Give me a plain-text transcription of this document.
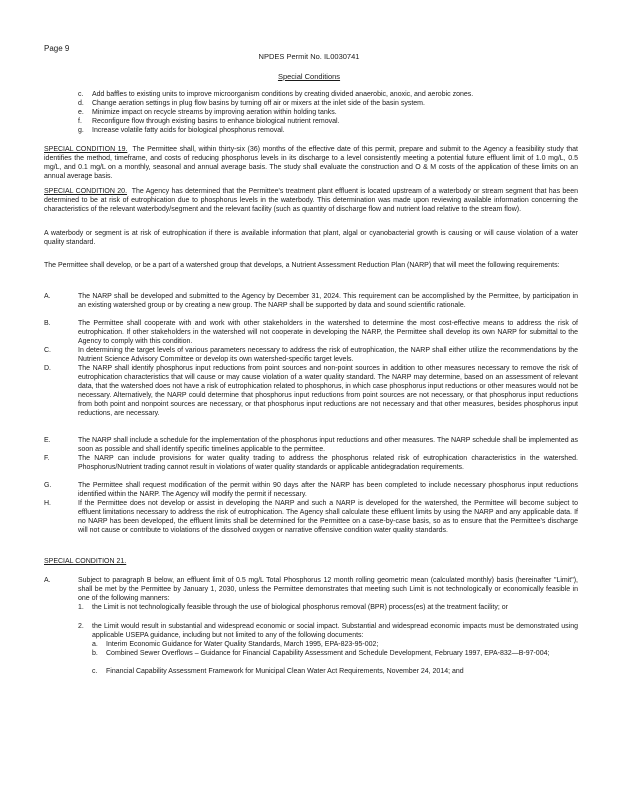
Page 9
NPDES Permit No. IL0030741
Special Conditions
c. Add baffles to existing units to improve microorganism conditions by creating divided anaerobic, anoxic, and aerobic zones.
d. Change aeration settings in plug flow basins by turning off air or mixers at the inlet side of the basin system.
e. Minimize impact on recycle streams by improving aeration within holding tanks.
f. Reconfigure flow through existing basins to enhance biological nutrient removal.
g. Increase volatile fatty acids for biological phosphorus removal.
SPECIAL CONDITION 19. The Permittee shall, within thirty-six (36) months of the effective date of this permit, prepare and submit to the Agency a feasibility study that identifies the method, timeframe, and costs of reducing phosphorus levels in its discharge to a level consistently meeting a potential future effluent limit of 1.0 mg/L, 0.5 mg/L, and 0.1 mg/L on a monthly, seasonal and annual average basis. The study shall evaluate the construction and O & M costs of the application of these limits on an annual average basis.
SPECIAL CONDITION 20. The Agency has determined that the Permittee's treatment plant effluent is located upstream of a waterbody or stream segment that has been determined to be at risk of eutrophication due to phosphorus levels in the waterbody. This determination was made upon reviewing available information concerning the characteristics of the relevant waterbody/segment and the relevant facility (such as quantity of discharge flow and nutrient load relative to the stream flow).
A waterbody or segment is at risk of eutrophication if there is available information that plant, algal or cyanobacterial growth is causing or will cause violation of a water quality standard.
The Permittee shall develop, or be a part of a watershed group that develops, a Nutrient Assessment Reduction Plan (NARP) that will meet the following requirements:
A.	The NARP shall be developed and submitted to the Agency by December 31, 2024. This requirement can be accomplished by the Permittee, by participation in an existing watershed group or by creating a new group. The NARP shall be supported by data and sound scientific rationale.
B.	The Permittee shall cooperate with and work with other stakeholders in the watershed to determine the most cost-effective means to address the risk of eutrophication. If other stakeholders in the watershed will not cooperate in developing the NARP, the Permittee shall develop its own NARP for submittal to the Agency to comply with this condition.
C.	In determining the target levels of various parameters necessary to address the risk of eutrophication, the NARP shall either utilize the recommendations by the Nutrient Science Advisory Committee or develop its own watershed-specific target levels.
D.	The NARP shall identify phosphorus input reductions from point sources and non-point sources in addition to other measures necessary to remove the risk of eutrophication characteristics that will cause or may cause violation of a water quality standard. The NARP may determine, based on an assessment of relevant data, that the watershed does not have a risk of eutrophication related to phosphorus, in which case phosphorus input reductions or other measures would not be necessary. Alternatively, the NARP could determine that phosphorus input reductions from point sources are not necessary, or that phosphorus input reductions from both point and nonpoint sources are necessary, or that phosphorus input reductions are not necessary and that other measures, besides phosphorus input reductions, are necessary.
E.	The NARP shall include a schedule for the implementation of the phosphorus input reductions and other measures. The NARP schedule shall be implemented as soon as possible and shall identify specific timelines applicable to the permittee.
F.	The NARP can include provisions for water quality trading to address the phosphorus related risk of eutrophication characteristics in the watershed. Phosphorus/Nutrient trading cannot result in violations of water quality standards or applicable antidegradation requirements.
G.	The Permittee shall request modification of the permit within 90 days after the NARP has been completed to include necessary phosphorus input reductions identified within the NARP. The Agency will modify the permit if necessary.
H.	If the Permittee does not develop or assist in developing the NARP and such a NARP is developed for the watershed, the Permittee will become subject to effluent limitations necessary to address the risk of eutrophication. The Agency shall calculate these effluent limits by using the NARP and any applicable data. If no NARP has been developed, the effluent limits shall be determined for the Permittee on a case-by-case basis, so as to ensure that the Permittee's discharge will not cause or contribute to violations of the dissolved oxygen or narrative offensive condition water quality standards.
SPECIAL CONDITION 21.
A.	Subject to paragraph B below, an effluent limit of 0.5 mg/L Total Phosphorus 12 month rolling geometric mean (calculated monthly) basis (hereinafter "Limit"), shall be met by the Permittee by January 1, 2030, unless the Permittee demonstrates that meeting such Limit is not technologically or economically feasible in one of the following manners:
1. the Limit is not technologically feasible through the use of biological phosphorus removal (BPR) process(es) at the treatment facility; or
2. the Limit would result in substantial and widespread economic or social impact. Substantial and widespread economic impacts must be demonstrated using applicable USEPA guidance, including but not limited to any of the following documents:
a. Interim Economic Guidance for Water Quality Standards, March 1995, EPA-823-95-002;
b. Combined Sewer Overflows – Guidance for Financial Capability Assessment and Schedule Development, February 1997, EPA-832—B-97-004;
c. Financial Capability Assessment Framework for Municipal Clean Water Act Requirements, November 24, 2014; and
